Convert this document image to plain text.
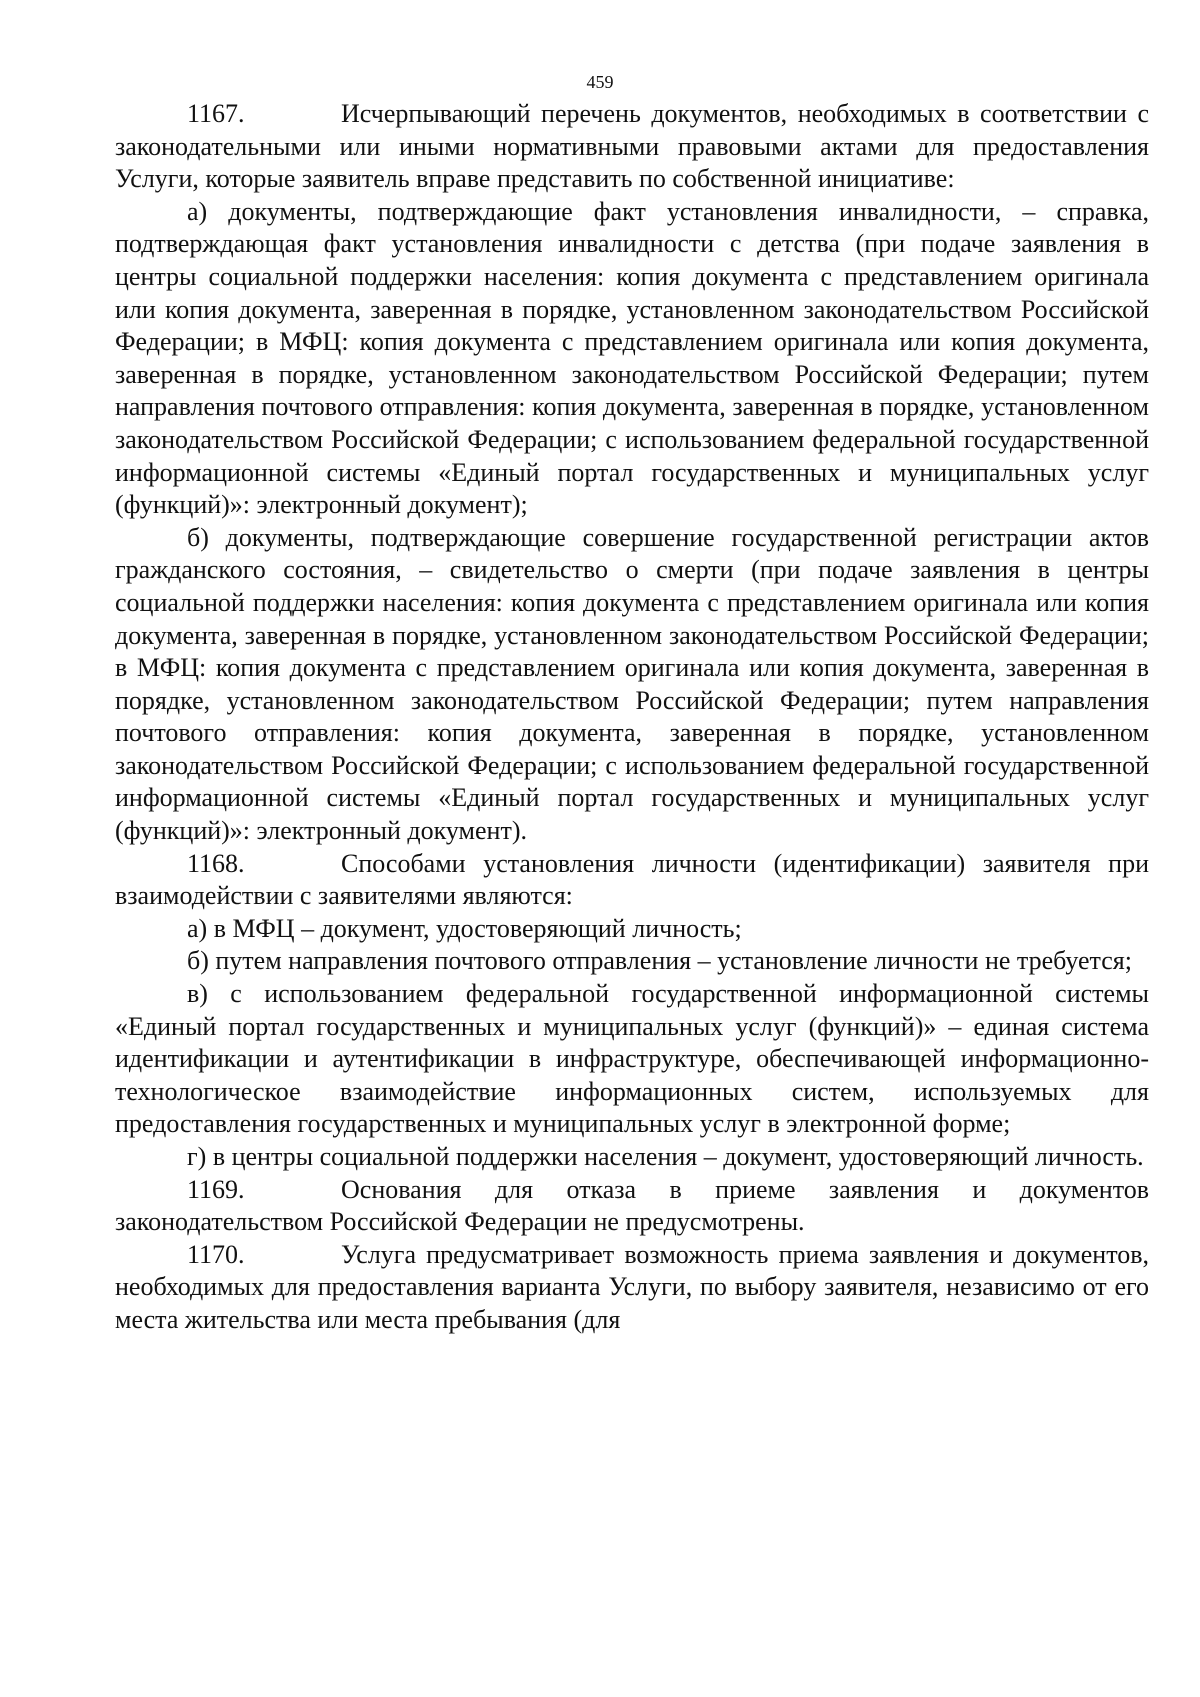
459

1167.	Исчерпывающий перечень документов, необходимых в соответствии с законодательными или иными нормативными правовыми актами для предоставления Услуги, которые заявитель вправе представить по собственной инициативе:

а) документы, подтверждающие факт установления инвалидности, – справка, подтверждающая факт установления инвалидности с детства (при подаче заявления в центры социальной поддержки населения: копия документа с представлением оригинала или копия документа, заверенная в порядке, установленном законодательством Российской Федерации; в МФЦ: копия документа с представлением оригинала или копия документа, заверенная в порядке, установленном законодательством Российской Федерации; путем направления почтового отправления: копия документа, заверенная в порядке, установленном законодательством Российской Федерации; с использованием федеральной государственной информационной системы «Единый портал государственных и муниципальных услуг (функций)»: электронный документ);

б) документы, подтверждающие совершение государственной регистрации актов гражданского состояния, – свидетельство о смерти (при подаче заявления в центры социальной поддержки населения: копия документа с представлением оригинала или копия документа, заверенная в порядке, установленном законодательством Российской Федерации; в МФЦ: копия документа с представлением оригинала или копия документа, заверенная в порядке, установленном законодательством Российской Федерации; путем направления почтового отправления: копия документа, заверенная в порядке, установленном законодательством Российской Федерации; с использованием федеральной государственной информационной системы «Единый портал государственных и муниципальных услуг (функций)»: электронный документ).

1168.	Способами установления личности (идентификации) заявителя при взаимодействии с заявителями являются:

а) в МФЦ – документ, удостоверяющий личность;

б) путем направления почтового отправления – установление личности не требуется;

в) с использованием федеральной государственной информационной системы «Единый портал государственных и муниципальных услуг (функций)» – единая система идентификации и аутентификации в инфраструктуре, обеспечивающей информационно-технологическое взаимодействие информационных систем, используемых для предоставления государственных и муниципальных услуг в электронной форме;

г) в центры социальной поддержки населения – документ, удостоверяющий личность.

1169.	Основания для отказа в приеме заявления и документов законодательством Российской Федерации не предусмотрены.

1170.	Услуга предусматривает возможность приема заявления и документов, необходимых для предоставления варианта Услуги, по выбору заявителя, независимо от его места жительства или места пребывания (для
